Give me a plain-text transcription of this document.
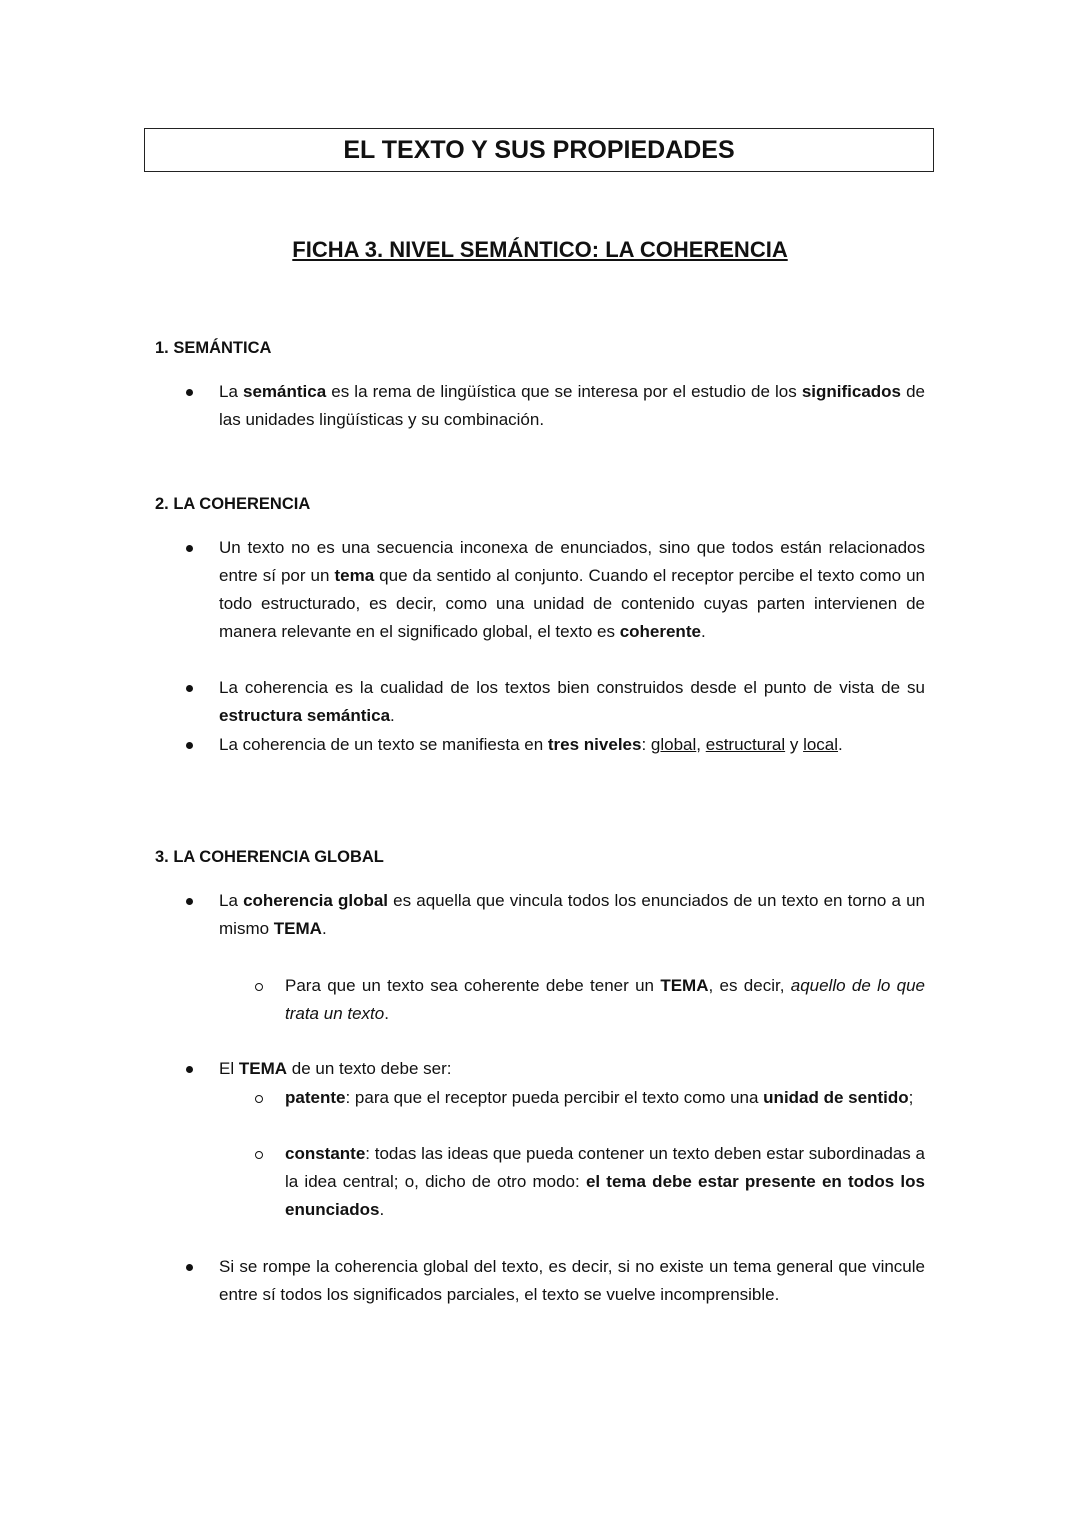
EL TEXTO Y SUS PROPIEDADES
FICHA 3. NIVEL SEMÁNTICO: LA COHERENCIA
1. SEMÁNTICA
La semántica es la rema de lingüística que se interesa por el estudio de los significados de las unidades lingüísticas y su combinación.
2. LA COHERENCIA
Un texto no es una secuencia inconexa de enunciados, sino que todos están relacionados entre sí por un tema que da sentido al conjunto. Cuando el receptor percibe el texto como un todo estructurado, es decir, como una unidad de contenido cuyas parten intervienen de manera relevante en el significado global, el texto es coherente.
La coherencia es la cualidad de los textos bien construidos desde el punto de vista de su estructura semántica.
La coherencia de un texto se manifiesta en tres niveles: global, estructural y local.
3. LA COHERENCIA GLOBAL
La coherencia global es aquella que vincula todos los enunciados de un texto en torno a un mismo TEMA.
Para que un texto sea coherente debe tener un TEMA, es decir, aquello de lo que trata un texto.
El TEMA de un texto debe ser:
patente: para que el receptor pueda percibir el texto como una unidad de sentido;
constante: todas las ideas que pueda contener un texto deben estar subordinadas a la idea central; o, dicho de otro modo: el tema debe estar presente en todos los enunciados.
Si se rompe la coherencia global del texto, es decir, si no existe un tema general que vincule entre sí todos los significados parciales, el texto se vuelve incomprensible.
